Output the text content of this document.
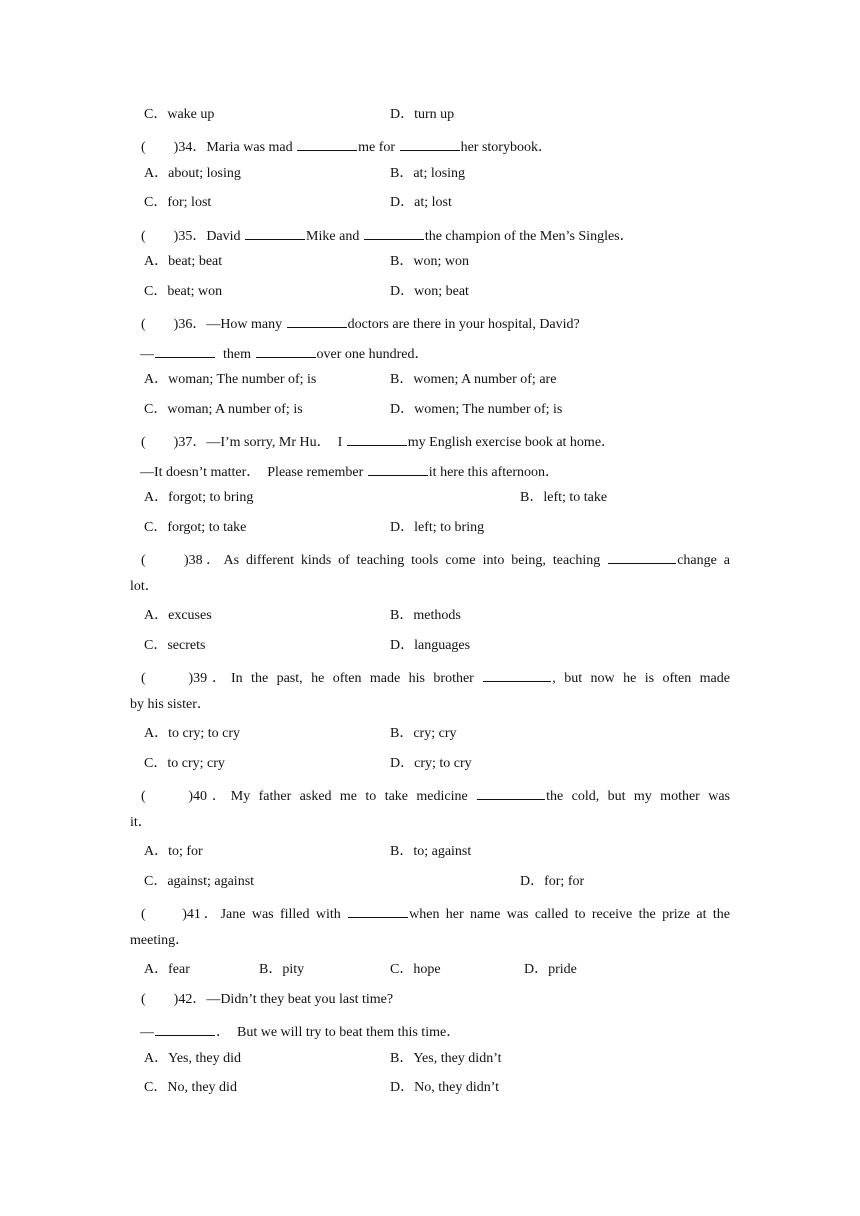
C．wake up	D．turn up
(　　)34．Maria was mad	me for	her storybook．
A．about; losing	B．at; losing
C．for; lost	D．at; lost
(　　)35．David	Mike and	the champion of the Men’s Singles．
A．beat; beat	B．won; won
C．beat; won	D．won; beat
(　　)36．—How many	doctors are there in your hospital, David?
—	them	over one hundred．
A．woman; The number of; is	B．women; A number of; are
C．woman; A number of; is	D．women; The number of; is
(　　)37．—I’m sorry, Mr Hu．  I	my English exercise book at home．
—It doesn’t matter．  Please remember	it here this afternoon．
A．forgot; to bring	B．left; to take
C．forgot; to take	D．left; to bring
(　　)38．As different kinds of teaching tools come into being, teaching	change a
lot．
A．excuses	B．methods
C．secrets	D．languages
(　　)39．In the past, he often made his brother	, but now he is often made
by his sister．
A．to cry; to cry	B．cry; cry
C．to cry; cry	D．cry; to cry
(　　)40．My father asked me to take medicine	the cold, but my mother was
it．
A．to; for	B．to; against
C．against; against	D．for; for
(　　)41．Jane was filled with	when her name was called to receive the prize at the
meeting．
A．fear	B．pity	C．hope	D．pride
(　　)42．—Didn’t they beat you last time?
—	．  But we will try to beat them this time．
A．Yes, they did	B．Yes, they didn’t
C．No, they did	D．No, they didn’t
